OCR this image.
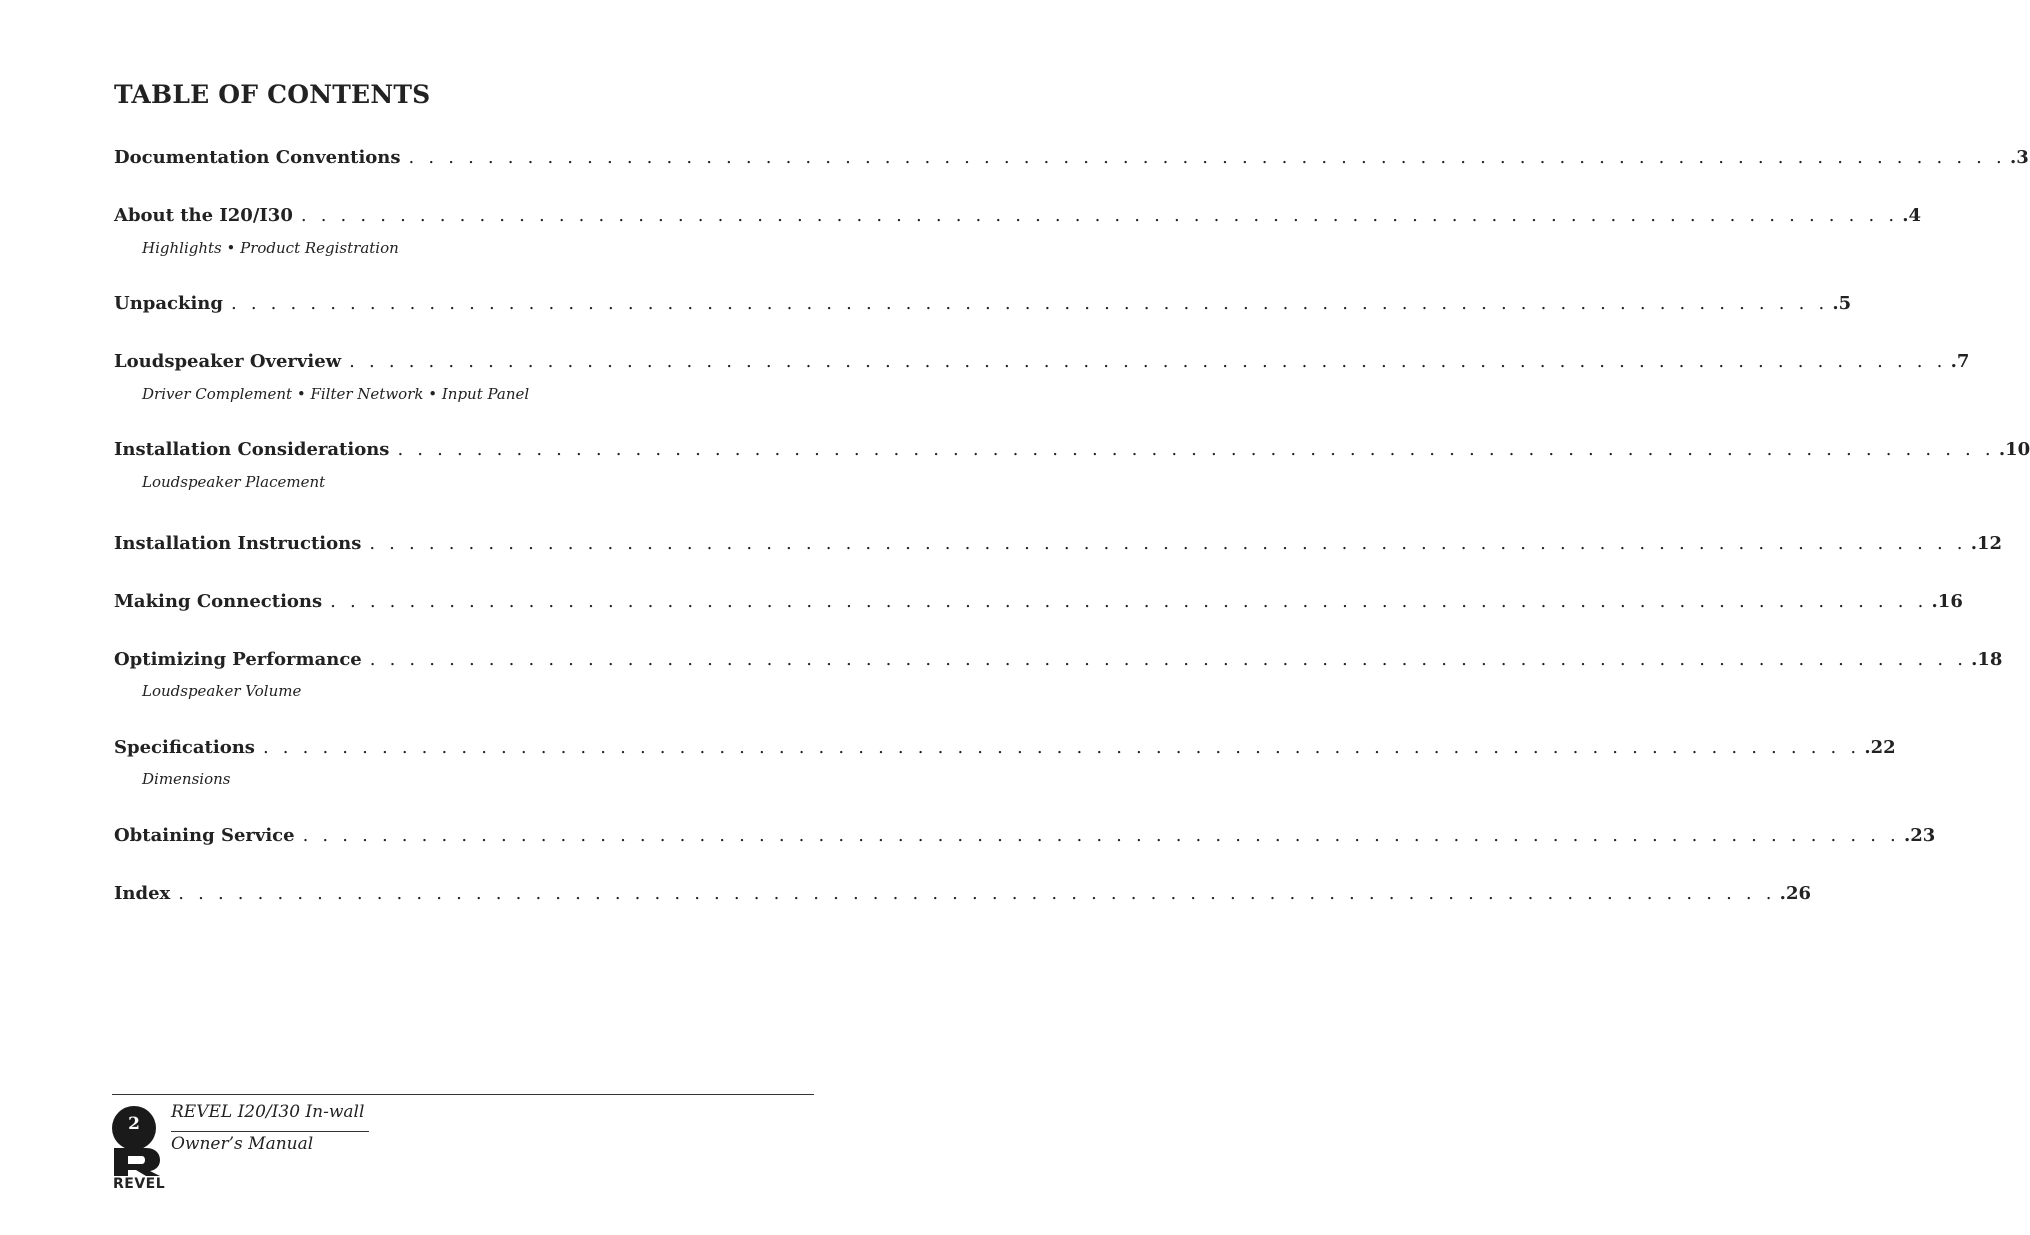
TABLE OF CONTENTS
Documentation Conventions . . . . . . . . . . . . . . . . . . . . . . . . . . . . . . . . . . . . . . . . . . . . . . . . . . . . . . . . . . . . . . . . . . . . . . . . . . . . . . . . . .3
About the I20/I30 . . . . . . . . . . . . . . . . . . . . . . . . . . . . . . . . . . . . . . . . . . . . . . . . . . . . . . . . . . . . . . . . . . . . . . . . . . . . . . . . . .4
Highlights • Product Registration
Unpacking . . . . . . . . . . . . . . . . . . . . . . . . . . . . . . . . . . . . . . . . . . . . . . . . . . . . . . . . . . . . . . . . . . . . . . . . . . . . . . . . . .5
Loudspeaker Overview . . . . . . . . . . . . . . . . . . . . . . . . . . . . . . . . . . . . . . . . . . . . . . . . . . . . . . . . . . . . . . . . . . . . . . . . . . . . . . . . . .7
Driver Complement • Filter Network • Input Panel
Installation Considerations . . . . . . . . . . . . . . . . . . . . . . . . . . . . . . . . . . . . . . . . . . . . . . . . . . . . . . . . . . . . . . . . . . . . . . . . . . . . . . . . . .10
Loudspeaker Placement
Installation Instructions . . . . . . . . . . . . . . . . . . . . . . . . . . . . . . . . . . . . . . . . . . . . . . . . . . . . . . . . . . . . . . . . . . . . . . . . . . . . . . . . . .12
Making Connections . . . . . . . . . . . . . . . . . . . . . . . . . . . . . . . . . . . . . . . . . . . . . . . . . . . . . . . . . . . . . . . . . . . . . . . . . . . . . . . . . .16
Optimizing Performance . . . . . . . . . . . . . . . . . . . . . . . . . . . . . . . . . . . . . . . . . . . . . . . . . . . . . . . . . . . . . . . . . . . . . . . . . . . . . . . . . .18
Loudspeaker Volume
Specifications . . . . . . . . . . . . . . . . . . . . . . . . . . . . . . . . . . . . . . . . . . . . . . . . . . . . . . . . . . . . . . . . . . . . . . . . . . . . . . . . . .22
Dimensions
Obtaining Service . . . . . . . . . . . . . . . . . . . . . . . . . . . . . . . . . . . . . . . . . . . . . . . . . . . . . . . . . . . . . . . . . . . . . . . . . . . . . . . . . .23
Index . . . . . . . . . . . . . . . . . . . . . . . . . . . . . . . . . . . . . . . . . . . . . . . . . . . . . . . . . . . . . . . . . . . . . . . . . . . . . . . . . .26
REVEL I20/I30 In-wall
Owner’s Manual
2
REVEL
